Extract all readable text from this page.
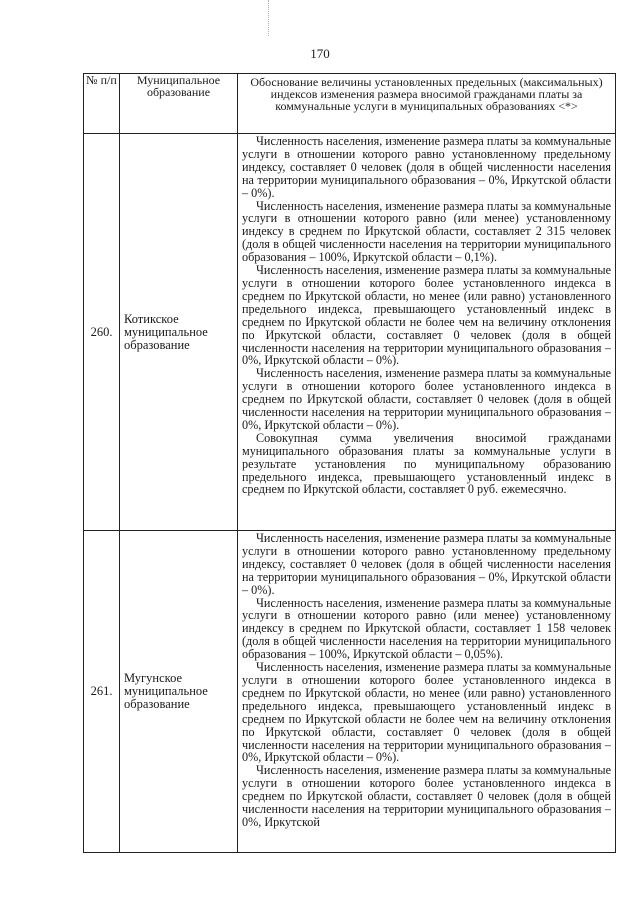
170
№ п/п	Муниципальное образование	Обоснование величины установленных предельных (максимальных) индексов изменения размера вносимой гражданами платы за коммунальные услуги в муниципальных образованиях <*>
260.	Котикское муниципальное образование	Численность населения, изменение размера платы за коммунальные услуги в отношении которого равно установленному предельному индексу, составляет 0 человек (доля в общей численности населения на территории муниципального образования – 0%, Иркутской области – 0%).

Численность населения, изменение размера платы за коммунальные услуги в отношении которого равно (или менее) установленному индексу в среднем по Иркутской области, составляет 2 315 человек (доля в общей численности населения на территории муниципального образования – 100%, Иркутской области – 0,1%).

Численность населения, изменение размера платы за коммунальные услуги в отношении которого более установленного индекса в среднем по Иркутской области, но менее (или равно) установленного предельного индекса, превышающего установленный индекс в среднем по Иркутской области не более чем на величину отклонения по Иркутской области, составляет 0 человек (доля в общей численности населения на территории муниципального образования – 0%, Иркутской области – 0%).

Численность населения, изменение размера платы за коммунальные услуги в отношении которого более установленного индекса в среднем по Иркутской области, составляет 0 человек (доля в общей численности населения на территории муниципального образования – 0%, Иркутской области – 0%).

Совокупная сумма увеличения вносимой гражданами муниципального образования платы за коммунальные услуги в результате установления по муниципальному образованию предельного индекса, превышающего установленный индекс в среднем по Иркутской области, составляет 0 руб. ежемесячно.

261.	Мугунское муниципальное образование	Численность населения, изменение размера платы за коммунальные услуги в отношении которого равно установленному предельному индексу, составляет 0 человек (доля в общей численности населения на территории муниципального образования – 0%, Иркутской области – 0%).

Численность населения, изменение размера платы за коммунальные услуги в отношении которого равно (или менее) установленному индексу в среднем по Иркутской области, составляет 1 158 человек (доля в общей численности населения на территории муниципального образования – 100%, Иркутской области – 0,05%).

Численность населения, изменение размера платы за коммунальные услуги в отношении которого более установленного индекса в среднем по Иркутской области, но менее (или равно) установленного предельного индекса, превышающего установленный индекс в среднем по Иркутской области не более чем на величину отклонения по Иркутской области, составляет 0 человек (доля в общей численности населения на территории муниципального образования – 0%, Иркутской области – 0%).

Численность населения, изменение размера платы за коммунальные услуги в отношении которого более установленного индекса в среднем по Иркутской области, составляет 0 человек (доля в общей численности населения на территории муниципального образования – 0%, Иркутской
